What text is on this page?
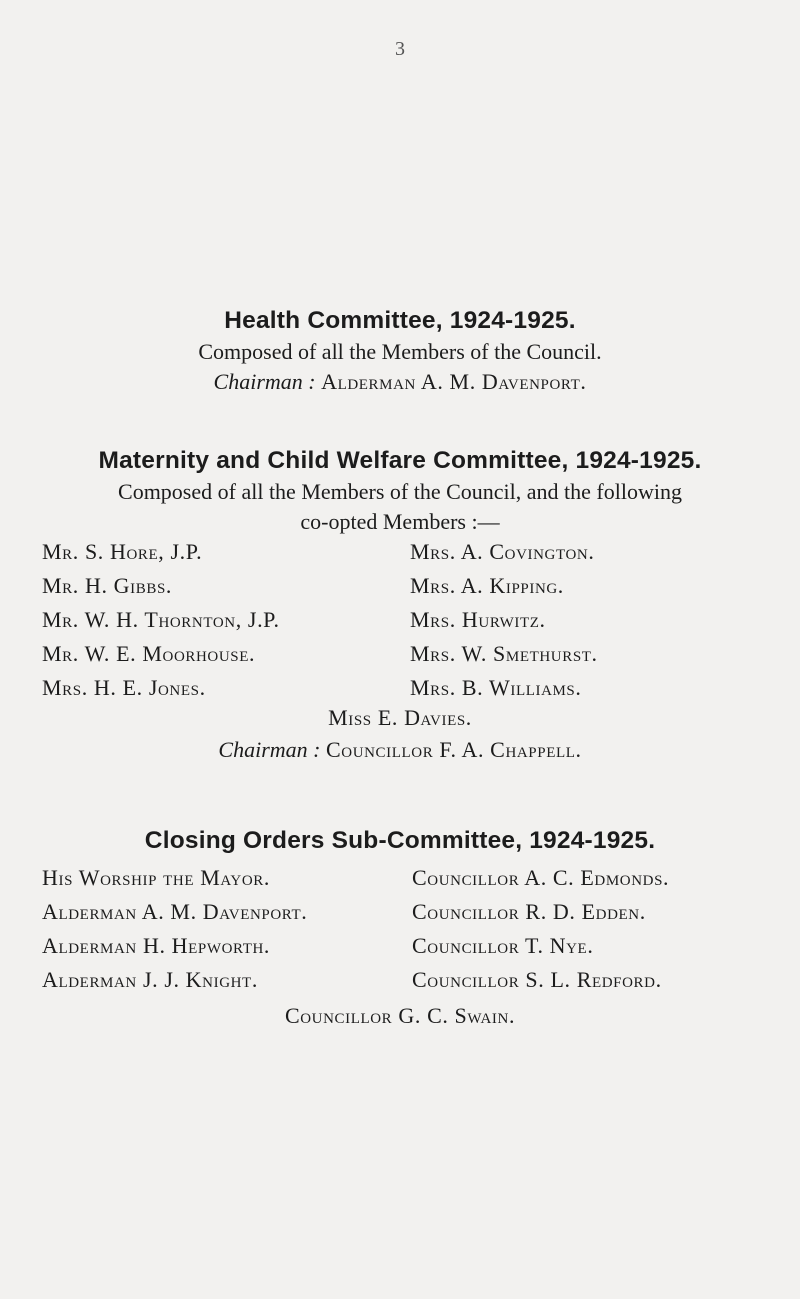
3
Health Committee, 1924-1925.
Composed of all the Members of the Council.
Chairman : Alderman A. M. Davenport.
Maternity and Child Welfare Committee, 1924-1925.
Composed of all the Members of the Council, and the following
co-opted Members :—
Mr. S. Hore, J.P.
Mr. H. Gibbs.
Mr. W. H. Thornton, J.P.
Mr. W. E. Moorhouse.
Mrs. H. E. Jones.
Mrs. A. Covington.
Mrs. A. Kipping.
Mrs. Hurwitz.
Mrs. W. Smethurst.
Mrs. B. Williams.
Miss E. Davies.
Chairman : Councillor F. A. Chappell.
Closing Orders Sub-Committee, 1924-1925.
His Worship the Mayor.
Alderman A. M. Davenport.
Alderman H. Hepworth.
Alderman J. J. Knight.
Councillor A. C. Edmonds.
Councillor R. D. Edden.
Councillor T. Nye.
Councillor S. L. Redford.
Councillor G. C. Swain.
